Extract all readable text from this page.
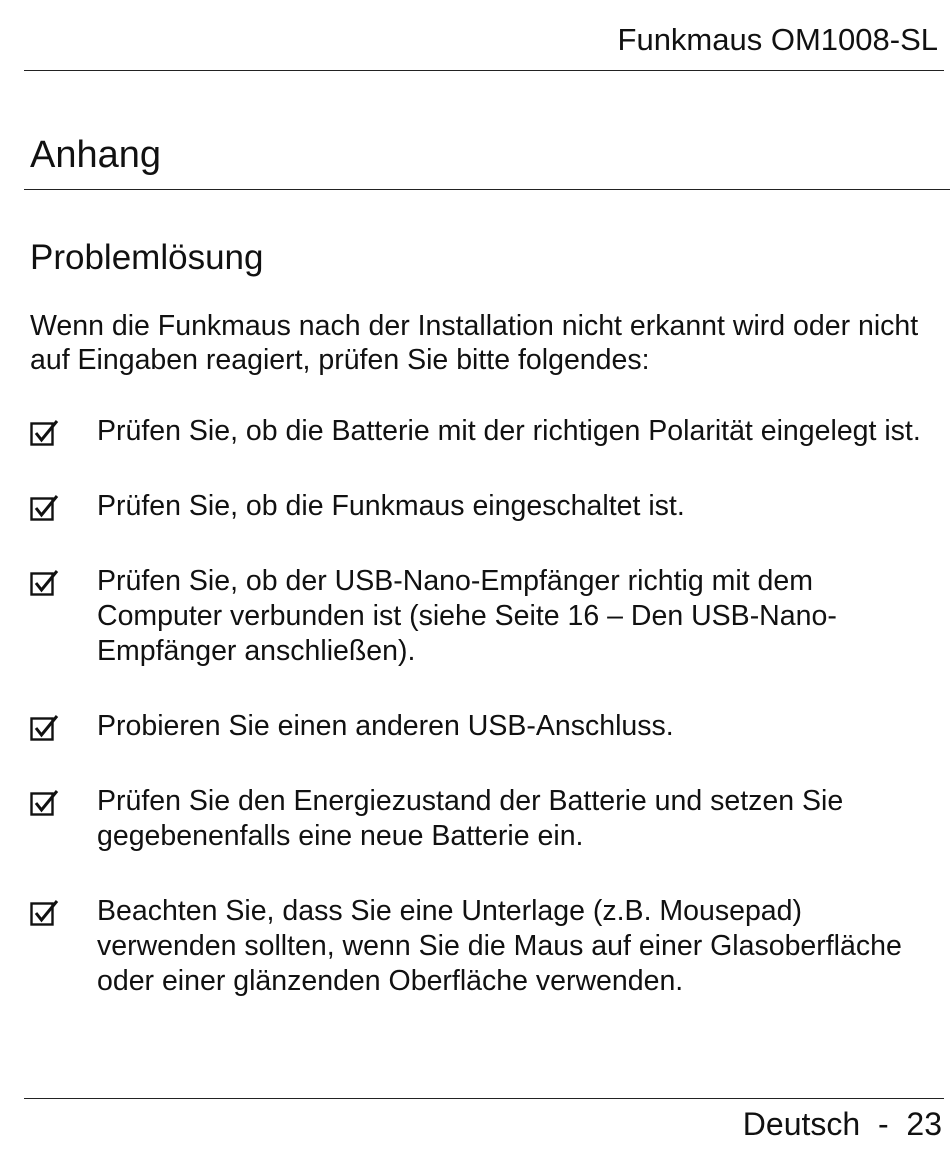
Funkmaus OM1008-SL
Anhang
Problemlösung

Wenn die Funkmaus nach der Installation nicht erkannt wird oder nicht auf Eingaben reagiert, prüfen Sie bitte folgendes:

Prüfen Sie, ob die Batterie mit der richtigen Polarität eingelegt ist.
Prüfen Sie, ob die Funkmaus eingeschaltet ist.
Prüfen Sie, ob der USB-Nano-Empfänger richtig mit dem Computer verbunden ist (siehe Seite 16 – Den USB-Nano-Empfänger anschließen).
Probieren Sie einen anderen USB-Anschluss.
Prüfen Sie den Energiezustand der Batterie und setzen Sie gegebenenfalls eine neue Batterie ein.
Beachten Sie, dass Sie eine Unterlage (z.B. Mousepad) verwenden sollten, wenn Sie die Maus auf einer Glasoberfläche oder einer glänzenden Oberfläche verwenden.
Deutsch - 23
